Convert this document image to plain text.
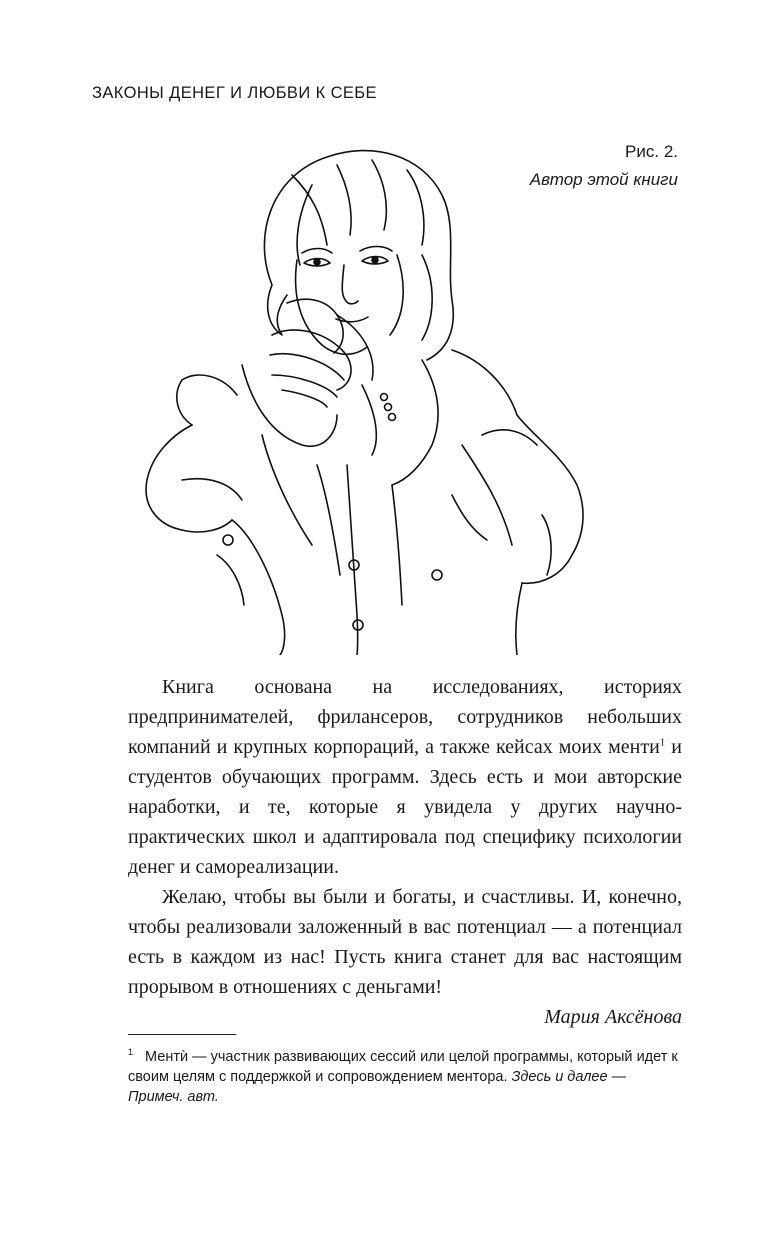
ЗАКОНЫ ДЕНЕГ И ЛЮБВИ К СЕБЕ
Рис. 2.
Автор этой книги

Книга основана на исследованиях, историях предпринимателей, фрилансеров, сотрудников небольших компаний и крупных корпораций, а также кейсах моих менти$^1$ и студентов обучающих программ. Здесь есть и мои авторские наработки, и те, которые я увидела у других научно-практических школ и адаптировала под специфику психологии денег и самореализации.

Желаю, чтобы вы были и богаты, и счастливы. И, конечно, чтобы реализовали заложенный в вас потенциал — а потенциал есть в каждом из нас! Пусть книга станет для вас настоящим прорывом в отношениях с деньгами!

Мария Аксёнова
$^1$ Ментѝ — участник развивающих сессий или целой программы, который идет к своим целям с поддержкой и сопровождением ментора. Здесь и далее — Примеч. авт.
